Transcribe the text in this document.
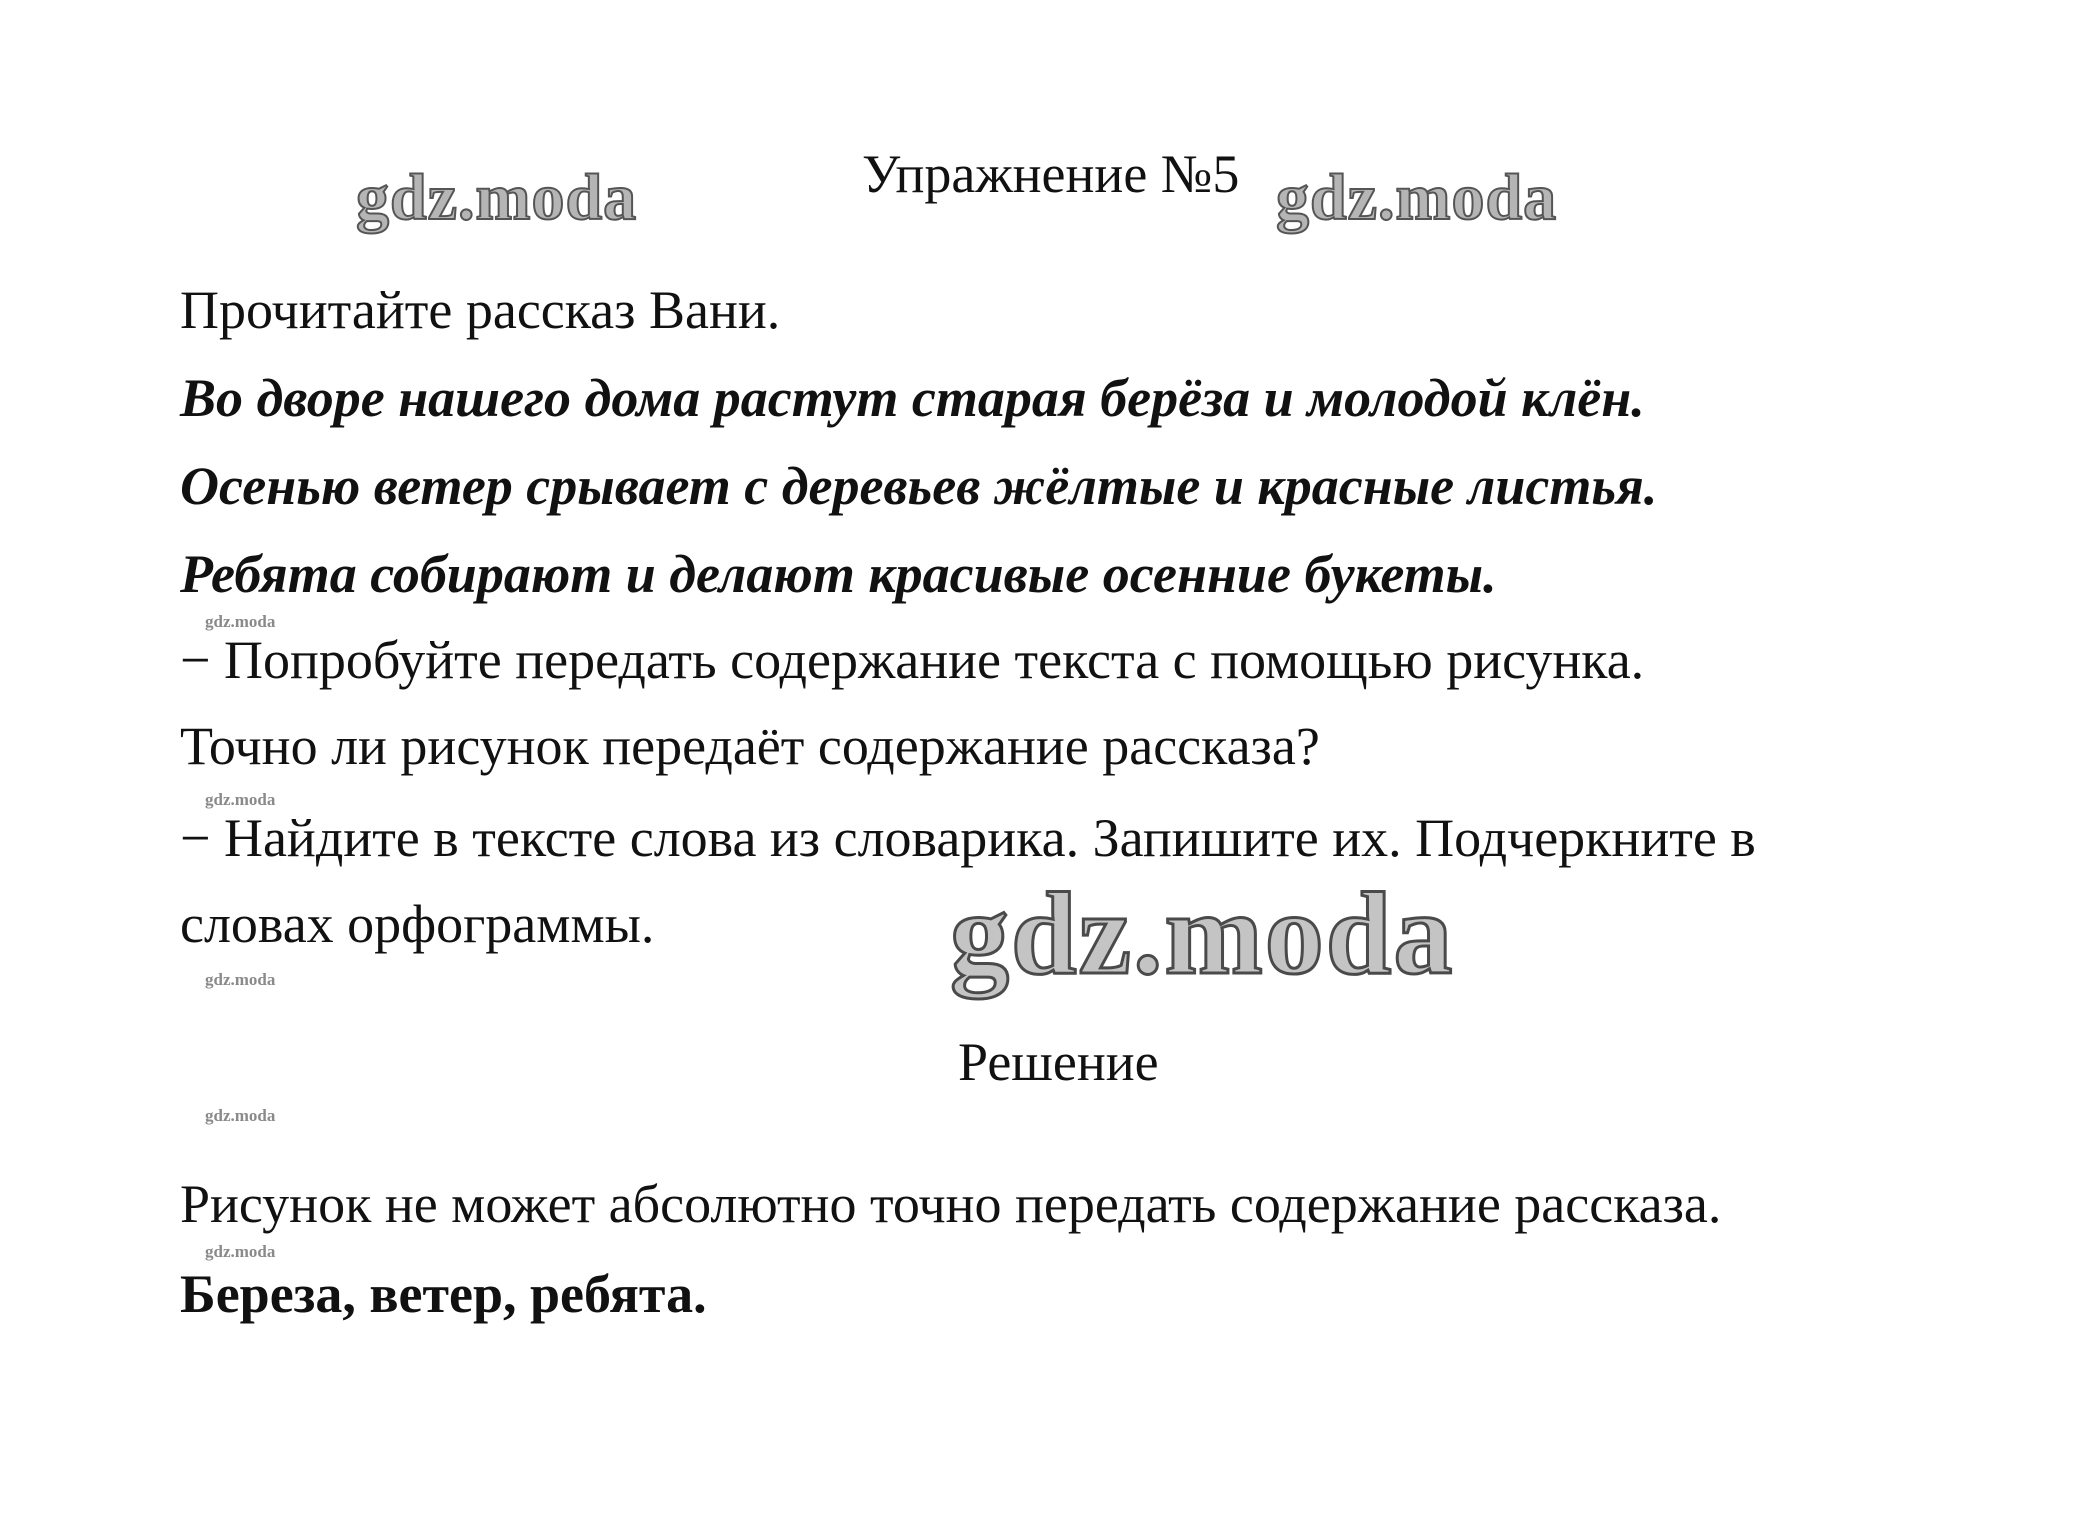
gdz.moda	gdz.moda
gdz.moda
gdz.moda
gdz.moda
gdz.moda
gdz.moda
gdz.moda
Упражнение №5
Прочитайте рассказ Вани.
Во дворе нашего дома растут старая берёза и молодой клён.
Осенью ветер срывает с деревьев жёлтые и красные листья.
Ребята собирают и делают красивые осенние букеты.
− Попробуйте передать содержание текста с помощью рисунка.
Точно ли рисунок передаёт содержание рассказа?
− Найдите в тексте слова из словарика. Запишите их. Подчеркните в
словах орфограммы.
Решение
Рисунок не может абсолютно точно передать содержание рассказа.
Береза, ветер, ребята.
